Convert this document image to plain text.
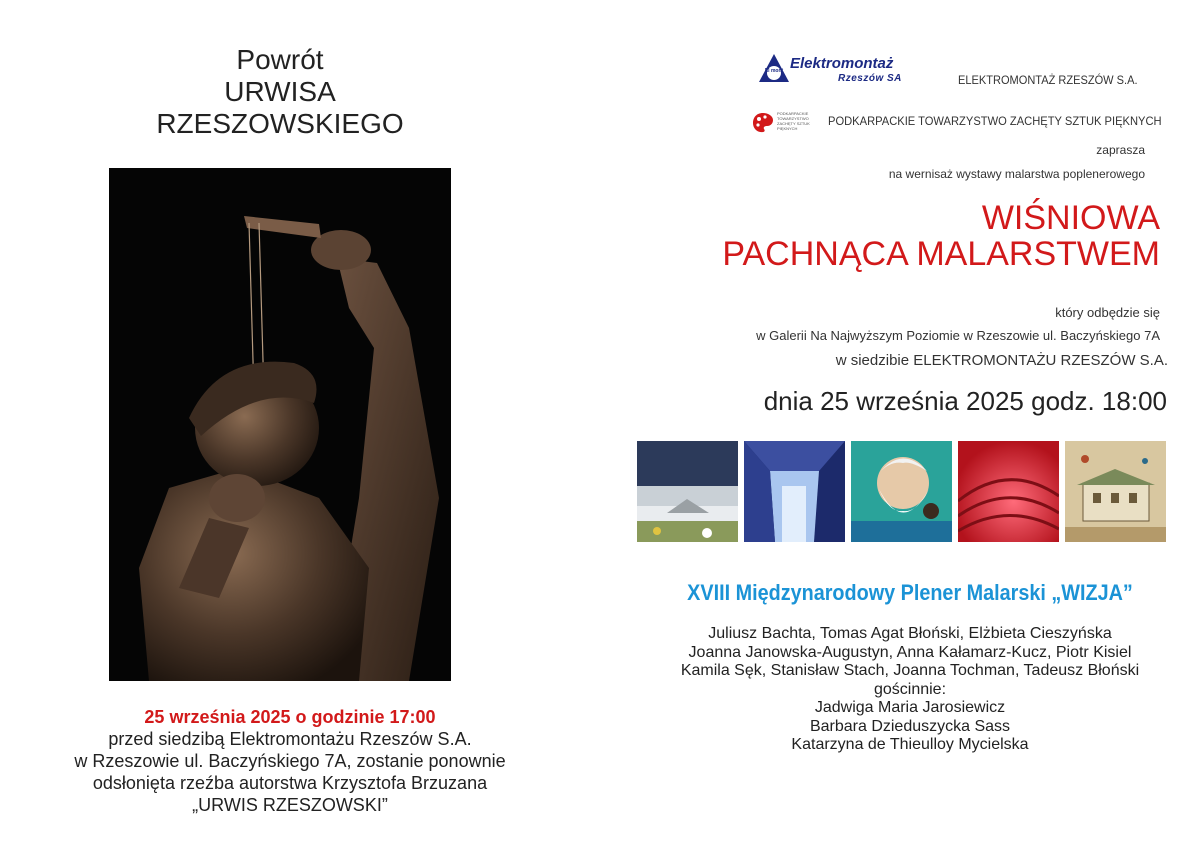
Powrót
URWISA
RZESZOWSKIEGO
25 września 2025 o godzinie 17:00
przed siedzibą Elektromontażu Rzeszów S.A.
w Rzeszowie ul. Baczyńskiego 7A, zostanie ponownie
odsłonięta rzeźba autorstwa Krzysztofa Brzuzana
„URWIS RZESZOWSKI”
El mont Elektromontaż
Rzeszów SA	ELEKTROMONTAŻ RZESZÓW S.A.
PODKARPACKIE TOWARZYSTWO ZACHĘTY SZTUK PIĘKNYCH
PODKARPACKIE TOWARZYSTWO ZACHĘTY SZTUK PIĘKNYCH
zaprasza
na wernisaż wystawy malarstwa poplenerowego
WIŚNIOWA
PACHNĄCA MALARSTWEM
który odbędzie się
w Galerii Na Najwyższym Poziomie w Rzeszowie ul. Baczyńskiego 7A
w siedzibie ELEKTROMONTAŻU RZESZÓW S.A.
dnia 25 września 2025 godz. 18:00
XVIII Międzynarodowy Plener Malarski „WIZJA”
Juliusz Bachta, Tomas Agat Błoński, Elżbieta Cieszyńska
Joanna Janowska-Augustyn, Anna Kałamarz-Kucz, Piotr Kisiel
Kamila Sęk, Stanisław Stach, Joanna Tochman, Tadeusz Błoński
gościnnie:
Jadwiga Maria Jarosiewicz
Barbara Dzieduszycka Sass
Katarzyna de Thieulloy Mycielska
